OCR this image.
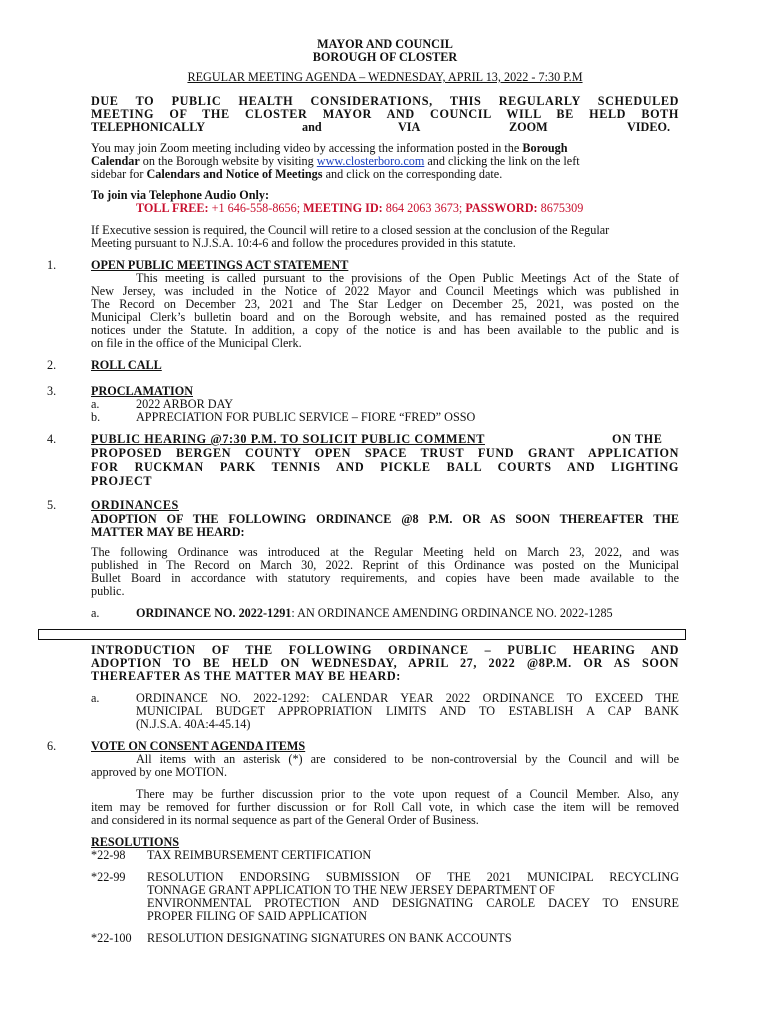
MAYOR AND COUNCIL
BOROUGH OF CLOSTER
REGULAR MEETING AGENDA – WEDNESDAY, APRIL 13, 2022 - 7:30 P.M
DUE TO PUBLIC HEALTH CONSIDERATIONS, THIS REGULARLY SCHEDULED
MEETING OF THE CLOSTER MAYOR AND COUNCIL WILL BE HELD BOTH
TELEPHONICALLY	and	VIA	ZOOM	VIDEO.
You may join Zoom meeting including video by accessing the information posted in the Borough
Calendar on the Borough website by visiting www.closterboro.com and clicking the link on the left
sidebar for Calendars and Notice of Meetings and click on the corresponding date.
To join via Telephone Audio Only:
TOLL FREE: +1 646-558-8656; MEETING ID: 864 2063 3673; PASSWORD: 8675309
If Executive session is required, the Council will retire to a closed session at the conclusion of the Regular
Meeting pursuant to N.J.S.A. 10:4-6 and follow the procedures provided in this statute.
1.	OPEN PUBLIC MEETINGS ACT STATEMENT
This meeting is called pursuant to the provisions of the Open Public Meetings Act of the State of
New Jersey, was included in the Notice of 2022 Mayor and Council Meetings which was published in
The Record on December 23, 2021 and The Star Ledger on December 25, 2021, was posted on the
Municipal Clerk’s bulletin board and on the Borough website, and has remained posted as the required
notices under the Statute. In addition, a copy of the notice is and has been available to the public and is
on file in the office of the Municipal Clerk.
2.	ROLL CALL
3.	PROCLAMATION
a.	2022 ARBOR DAY
b.	APPRECIATION FOR PUBLIC SERVICE – FIORE “FRED” OSSO
4.	PUBLIC HEARING @7:30 P.M. TO SOLICIT PUBLIC COMMENT	ON THE
PROPOSED BERGEN COUNTY OPEN SPACE TRUST FUND GRANT APPLICATION
FOR RUCKMAN PARK TENNIS AND PICKLE BALL COURTS AND LIGHTING
PROJECT
5.	ORDINANCES
ADOPTION OF THE FOLLOWING ORDINANCE @8 P.M. OR AS SOON THEREAFTER THE
MATTER MAY BE HEARD:
The following Ordinance was introduced at the Regular Meeting held on March 23, 2022, and was
published in The Record on March 30, 2022. Reprint of this Ordinance was posted on the Municipal
Bullet Board in accordance with statutory requirements, and copies have been made available to the
public.
a.	ORDINANCE NO. 2022-1291: AN ORDINANCE AMENDING ORDINANCE NO. 2022-1285
INTRODUCTION OF THE FOLLOWING ORDINANCE – PUBLIC HEARING AND
ADOPTION TO BE HELD ON WEDNESDAY, APRIL 27, 2022 @8P.M. OR AS SOON
THEREAFTER AS THE MATTER MAY BE HEARD:
a.	ORDINANCE NO. 2022-1292: CALENDAR YEAR 2022 ORDINANCE TO EXCEED THE
MUNICIPAL BUDGET APPROPRIATION LIMITS AND TO ESTABLISH A CAP BANK
(N.J.S.A. 40A:4-45.14)
6.	VOTE ON CONSENT AGENDA ITEMS
All items with an asterisk (*) are considered to be non-controversial by the Council and will be
approved by one MOTION.
There may be further discussion prior to the vote upon request of a Council Member. Also, any
item may be removed for further discussion or for Roll Call vote, in which case the item will be removed
and considered in its normal sequence as part of the General Order of Business.
RESOLUTIONS
*22-98 TAX REIMBURSEMENT CERTIFICATION
*22-99 RESOLUTION ENDORSING SUBMISSION OF THE 2021 MUNICIPAL RECYCLING
TONNAGE GRANT APPLICATION TO THE NEW JERSEY DEPARTMENT OF
ENVIRONMENTAL PROTECTION AND DESIGNATING CAROLE DACEY TO ENSURE
PROPER FILING OF SAID APPLICATION
*22-100 RESOLUTION DESIGNATING SIGNATURES ON BANK ACCOUNTS
